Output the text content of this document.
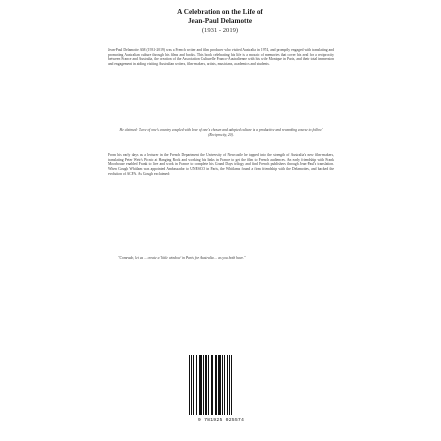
A Celebration on the Life of
Jean-Paul Delamotte
(1931 - 2019)
Jean-Paul Delamotte AM (1931-2019) was a French writer and film producer who visited Australia in 1974, and promptly engaged with translating and promoting Australian culture through his films and books. This book celebrating his life is a mosaic of memories that cover his zeal for a reciprocity between France and Australia, the creation of the Association Culturelle Franco-Australienne with his wife Monique in Paris, and their total immersion and engagement in aiding visiting Australian writers, film-makers, artists, musicians, academics and students.
He claimed: 'Love of one's country coupled with love of one's chosen and adopted culture is a productive and rewarding course to follow' (Reciprocity, 20).
From his early days as a lecturer in the French Department the University of Newcastle he tapped into the strength of Australia's new film-makers, translating Peter Weir's Picnic at Hanging Rock and working his links in France to get the film to French audiences. An early friendship with Frank Moorhouse enabled Frank to live and work in France to complete his Grand Days trilogy and find French publishers through Jean-Paul's translation. When Gough Whitlam was appointed Ambassador to UNESCO in Paris, the Whitlams found a firm friendship with the Delamottes, and backed the evolution of ACFA. As Gough exclaimed:
"Comrade, let us ... create a 'little window' in Paris for Australia ... as you both have."
9 781925 025574
